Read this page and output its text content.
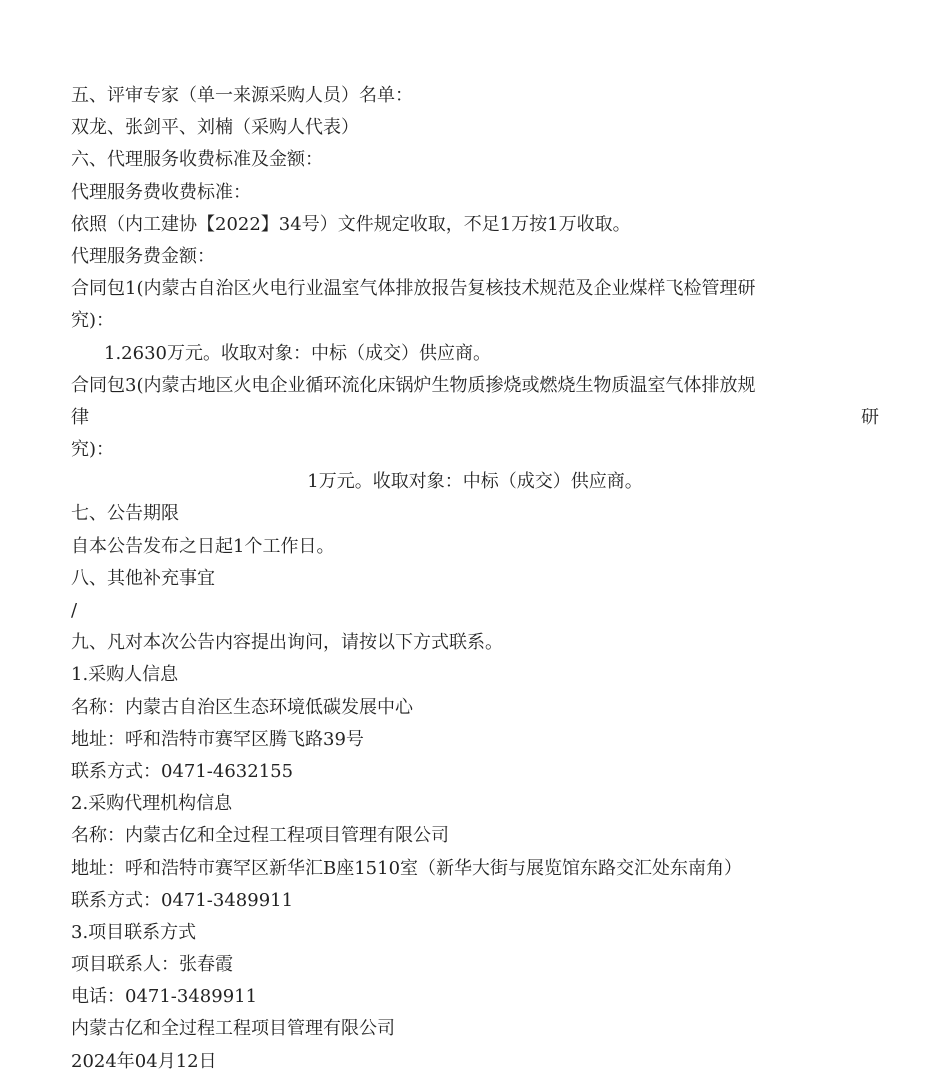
五、评审专家（单一来源采购人员）名单：
双龙、张剑平、刘楠（采购人代表）
六、代理服务收费标准及金额：
代理服务费收费标准：
依照（内工建协【2022】34号）文件规定收取，不足1万按1万收取。
代理服务费金额：
合同包1(内蒙古自治区火电行业温室气体排放报告复核技术规范及企业煤样飞检管理研
究)：
1.2630万元。收取对象：中标（成交）供应商。
合同包3(内蒙古地区火电企业循环流化床锅炉生物质掺烧或燃烧生物质温室气体排放规
律	研
究)：
1万元。收取对象：中标（成交）供应商。
七、公告期限
自本公告发布之日起1个工作日。
八、其他补充事宜
/
九、凡对本次公告内容提出询问，请按以下方式联系。
1.采购人信息
名称：内蒙古自治区生态环境低碳发展中心
地址：呼和浩特市赛罕区腾飞路39号
联系方式：0471-4632155
2.采购代理机构信息
名称：内蒙古亿和全过程工程项目管理有限公司
地址：呼和浩特市赛罕区新华汇B座1510室（新华大街与展览馆东路交汇处东南角）
联系方式：0471-3489911
3.项目联系方式
项目联系人：张春霞
电话：0471-3489911
内蒙古亿和全过程工程项目管理有限公司
2024年04月12日
